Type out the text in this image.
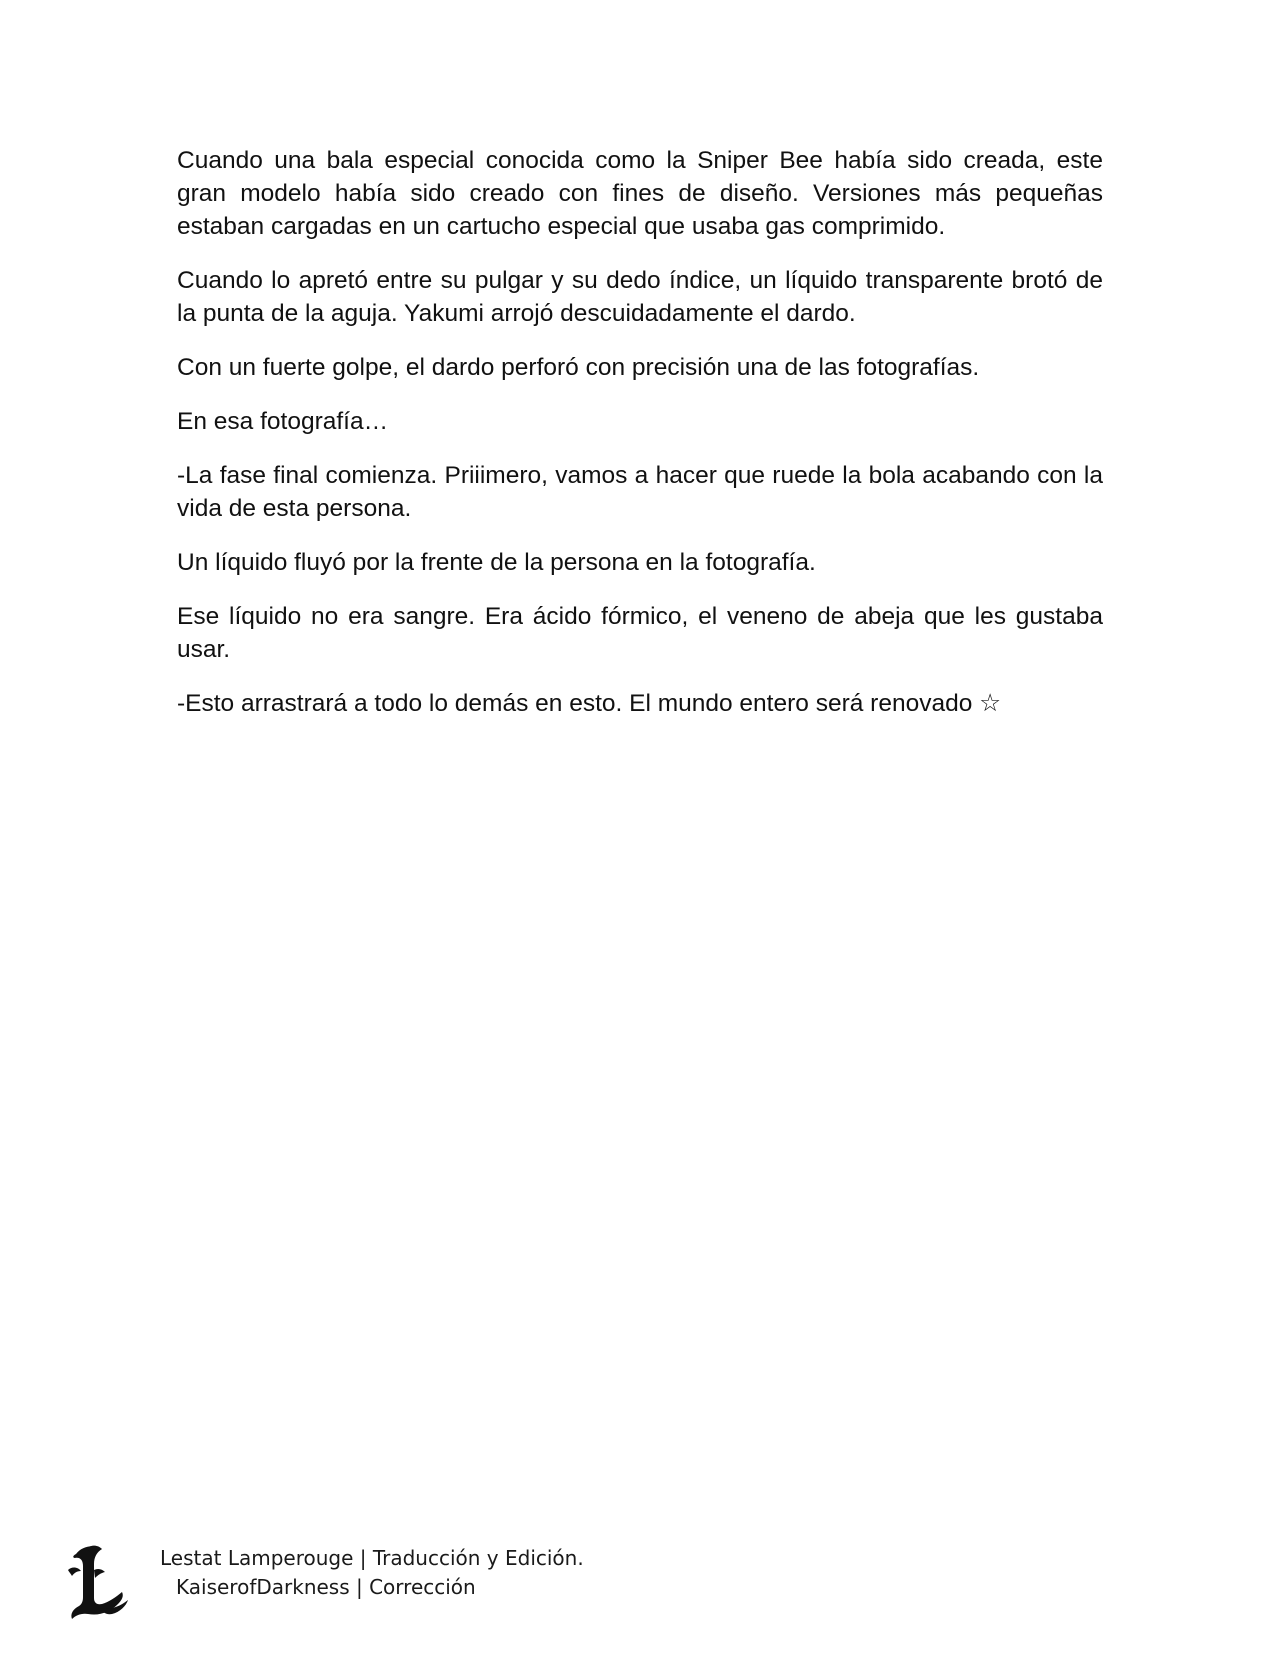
Cuando una bala especial conocida como la Sniper Bee había sido creada, este gran modelo había sido creado con fines de diseño. Versiones más pequeñas estaban cargadas en un cartucho especial que usaba gas comprimido.

Cuando lo apretó entre su pulgar y su dedo índice, un líquido transparente brotó de la punta de la aguja. Yakumi arrojó descuidadamente el dardo.

Con un fuerte golpe, el dardo perforó con precisión una de las fotografías.

En esa fotografía…

-La fase final comienza. Priiimero, vamos a hacer que ruede la bola acabando con la vida de esta persona.

Un líquido fluyó por la frente de la persona en la fotografía.

Ese líquido no era sangre. Era ácido fórmico, el veneno de abeja que les gustaba usar.

-Esto arrastrará a todo lo demás en esto. El mundo entero será renovado ☆

Lestat Lamperouge | Traducción y Edición.
KaiserofDarkness | Corrección
